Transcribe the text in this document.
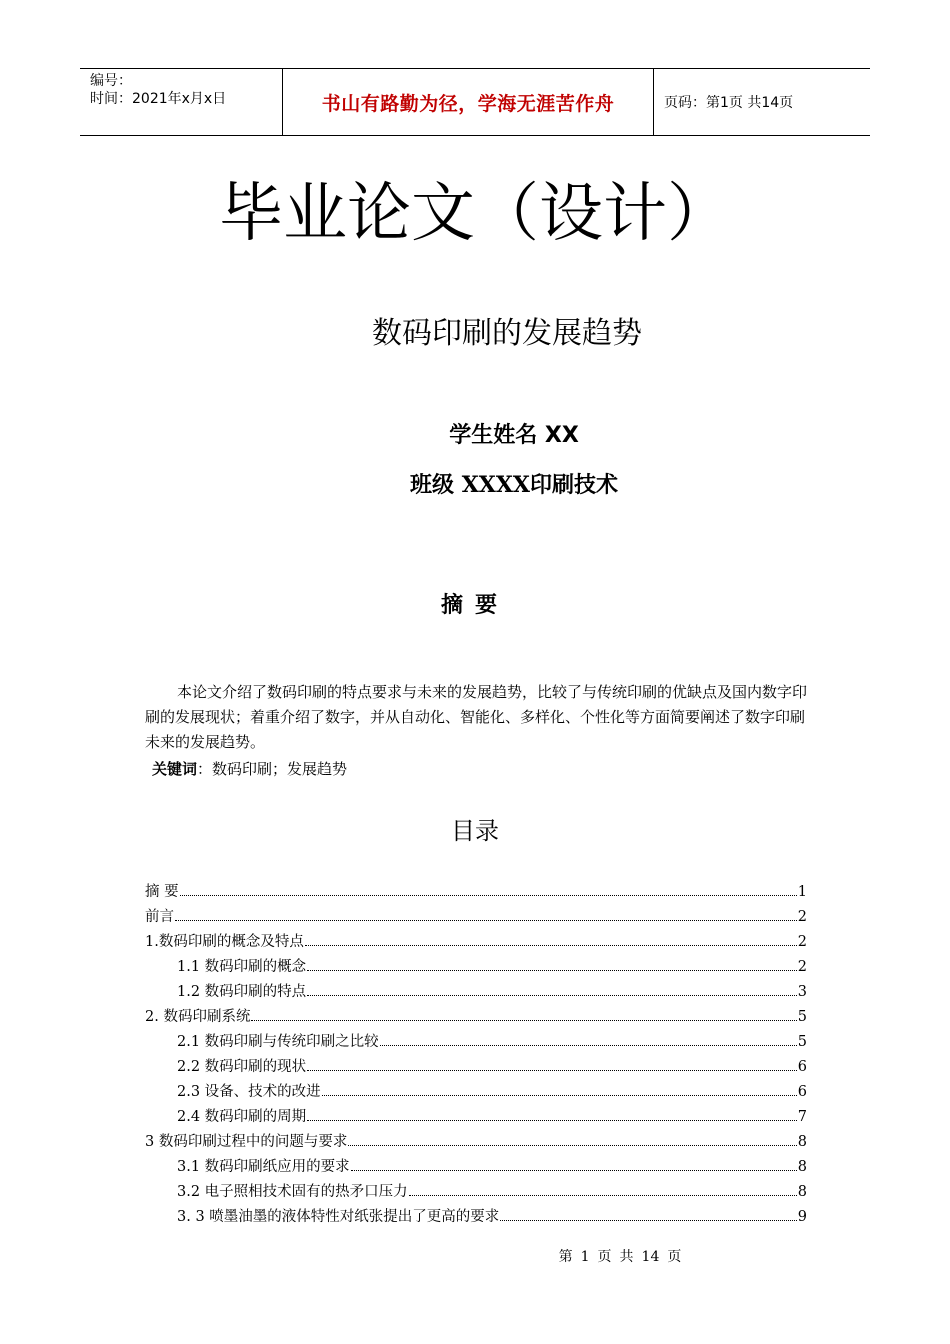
编号：
时间：2021年x月x日	书山有路勤为径，学海无涯苦作舟	页码：第1页 共14页
毕业论文（设计）
数码印刷的发展趋势
学生姓名 XX
班级 XXXX印刷技术
摘要
本论文介绍了数码印刷的特点要求与未来的发展趋势，比较了与传统印刷的优缺点及国内数字印刷的发展现状；着重介绍了数字，并从自动化、智能化、多样化、个性化等方面简要阐述了数字印刷未来的发展趋势。
关键词：数码印刷；发展趋势
目录
摘 要	1
前言	2
1.数码印刷的概念及特点	2
1.1 数码印刷的概念	2
1.2 数码印刷的特点	3
2. 数码印刷系统	5
2.1 数码印刷与传统印刷之比较	5
2.2 数码印刷的现状	6
2.3 设备、技术的改进	6
2.4 数码印刷的周期	7
3 数码印刷过程中的问题与要求	8
3.1 数码印刷纸应用的要求	8
3.2 电子照相技术固有的热矛口压力	8
3. 3 喷墨油墨的液体特性对纸张提出了更高的要求	9
第 1 页 共 14 页
